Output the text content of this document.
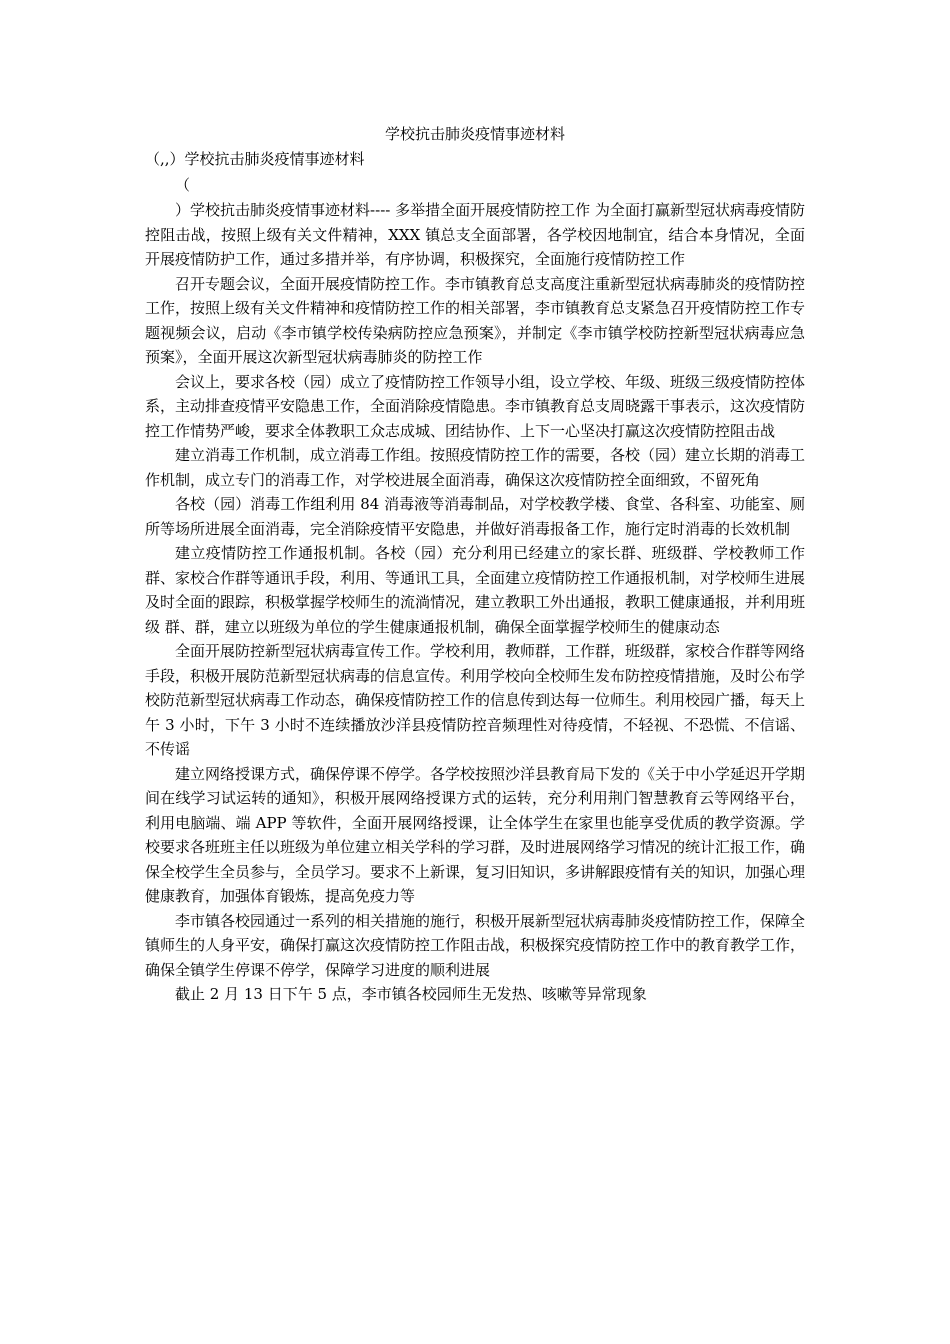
学校抗击肺炎疫情事迹材料

（,,）学校抗击肺炎疫情事迹材料

（

）学校抗击肺炎疫情事迹材料---- 多举措全面开展疫情防控工作 为全面打赢新型冠状病毒疫情防控阻击战，按照上级有关文件精神，XXX 镇总支全面部署，各学校因地制宜，结合本身情况，全面开展疫情防护工作，通过多措并举，有序协调，积极探究，全面施行疫情防控工作

召开专题会议，全面开展疫情防控工作。李市镇教育总支高度注重新型冠状病毒肺炎的疫情防控工作，按照上级有关文件精神和疫情防控工作的相关部署，李市镇教育总支紧急召开疫情防控工作专题视频会议，启动《李市镇学校传染病防控应急预案》，并制定《李市镇学校防控新型冠状病毒应急预案》，全面开展这次新型冠状病毒肺炎的防控工作

会议上，要求各校（园）成立了疫情防控工作领导小组，设立学校、年级、班级三级疫情防控体系，主动排查疫情平安隐患工作，全面消除疫情隐患。李市镇教育总支周晓露干事表示，这次疫情防控工作情势严峻，要求全体教职工众志成城、团结协作、上下一心坚决打赢这次疫情防控阻击战

建立消毒工作机制，成立消毒工作组。按照疫情防控工作的需要，各校（园）建立长期的消毒工作机制，成立专门的消毒工作，对学校进展全面消毒，确保这次疫情防控全面细致，不留死角

各校（园）消毒工作组利用 84 消毒液等消毒制品，对学校教学楼、食堂、各科室、功能室、厕所等场所进展全面消毒，完全消除疫情平安隐患，并做好消毒报备工作，施行定时消毒的长效机制

建立疫情防控工作通报机制。各校（园）充分利用已经建立的家长群、班级群、学校教师工作群、家校合作群等通讯手段，利用、等通讯工具，全面建立疫情防控工作通报机制，对学校师生进展及时全面的跟踪，积极掌握学校师生的流淌情况，建立教职工外出通报，教职工健康通报，并利用班级 群、群，建立以班级为单位的学生健康通报机制，确保全面掌握学校师生的健康动态

全面开展防控新型冠状病毒宣传工作。学校利用，教师群，工作群，班级群，家校合作群等网络手段，积极开展防范新型冠状病毒的信息宣传。利用学校向全校师生发布防控疫情措施，及时公布学校防范新型冠状病毒工作动态，确保疫情防控工作的信息传到达每一位师生。利用校园广播，每天上午 3 小时，下午 3 小时不连续播放沙洋县疫情防控音频理性对待疫情，不轻视、不恐慌、不信谣、不传谣

建立网络授课方式，确保停课不停学。各学校按照沙洋县教育局下发的《关于中小学延迟开学期间在线学习试运转的通知》，积极开展网络授课方式的运转，充分利用荆门智慧教育云等网络平台，利用电脑端、端 APP 等软件，全面开展网络授课，让全体学生在家里也能享受优质的教学资源。学校要求各班班主任以班级为单位建立相关学科的学习群，及时进展网络学习情况的统计汇报工作，确保全校学生全员参与，全员学习。要求不上新课，复习旧知识，多讲解跟疫情有关的知识，加强心理健康教育，加强体育锻炼，提高免疫力等

李市镇各校园通过一系列的相关措施的施行，积极开展新型冠状病毒肺炎疫情防控工作，保障全镇师生的人身平安，确保打赢这次疫情防控工作阻击战，积极探究疫情防控工作中的教育教学工作，确保全镇学生停课不停学，保障学习进度的顺利进展

截止 2 月 13 日下午 5 点，李市镇各校园师生无发热、咳嗽等异常现象
